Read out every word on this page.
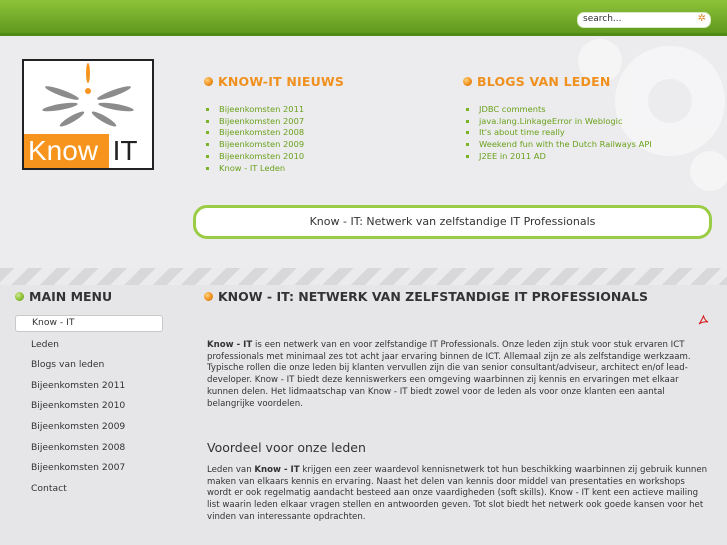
search...
✲
Know IT
KNOW-IT NIEUWS
Bijeenkomsten 2011
Bijeenkomsten 2007
Bijeenkomsten 2008
Bijeenkomsten 2009
Bijeenkomsten 2010
Know - IT Leden
BLOGS VAN LEDEN
JDBC comments
java.lang.LinkageError in Weblogic
It's about time really
Weekend fun with the Dutch Railways API
J2EE in 2011 AD
Know - IT: Netwerk van zelfstandige IT Professionals
MAIN MENU
Know - IT
Leden
Blogs van leden
Bijeenkomsten 2011
Bijeenkomsten 2010
Bijeenkomsten 2009
Bijeenkomsten 2008
Bijeenkomsten 2007
Contact
KNOW - IT: NETWERK VAN ZELFSTANDIGE IT PROFESSIONALS

Know - IT is een netwerk van en voor zelfstandige IT Professionals. Onze leden zijn stuk voor stuk ervaren ICT professionals met minimaal zes tot acht jaar ervaring binnen de ICT. Allemaal zijn ze als zelfstandige werkzaam. Typische rollen die onze leden bij klanten vervullen zijn die van senior consultant/adviseur, architect en/of lead-developer. Know - IT biedt deze kenniswerkers een omgeving waarbinnen zij kennis en ervaringen met elkaar kunnen delen. Het lidmaatschap van Know - IT biedt zowel voor de leden als voor onze klanten een aantal belangrijke voordelen.

Voordeel voor onze leden

Leden van Know - IT krijgen een zeer waardevol kennisnetwerk tot hun beschikking waarbinnen zij gebruik kunnen maken van elkaars kennis en ervaring. Naast het delen van kennis door middel van presentaties en workshops wordt er ook regelmatig aandacht besteed aan onze vaardigheden (soft skills). Know - IT kent een actieve mailing list waarin leden elkaar vragen stellen en antwoorden geven. Tot slot biedt het netwerk ook goede kansen voor het vinden van interessante opdrachten.
